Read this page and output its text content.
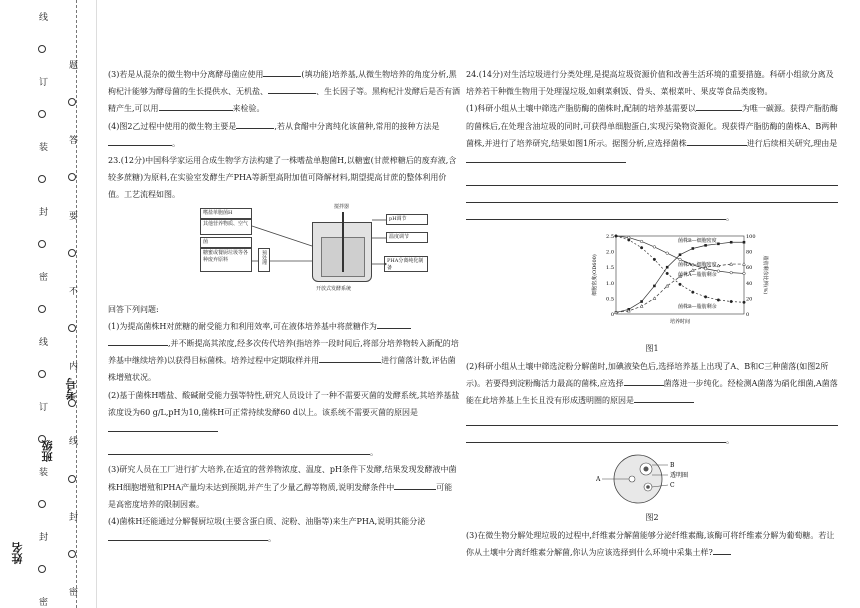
线
订
装
封
密
线
订
装
封
密
题
答
要
不
内
线
封
密
姓名
班级
考号

(3)若是从混杂的微生物中分离酵母菌应使用	(填功能)培养基,从微生物培养的角度分析,黑枸杞汁能够为酵母菌的生长提供水、无机盐、	、生长因子等。黑枸杞汁发酵后是否有酒精产生,可以用	来检验。

(4)图2乙过程中使用的微生物主要是	,若从食醋中分离纯化该菌种,常用的接种方法是。

23.(12分)中国科学家运用合成生物学方法构建了一株嗜盐单胞菌H,以糖蜜(甘蔗榨糖后的废弃液,含较多蔗糖)为原料,在实验室发酵生产PHA等新型高附加值可降解材料,期望提高甘蔗的整体利用价值。工艺流程如图。

嗜盐单胞菌H
其他营养物质、空气
菌
糖蜜或餐厨垃圾等各种废弃原料	预处理
搅拌器
pH调节
温度调节
PHA分离纯化制备
开放式发酵系统

回答下列问题:

(1)为提高菌株H对蔗糖的耐受能力和利用效率,可在液体培养基中将蔗糖作为,并不断提高其浓度,经多次传代培养(指培养一段时间后,将部分培养物转入新配的培养基中继续培养)以获得目标菌株。培养过程中定期取样并用	进行菌落计数,评估菌株增殖状况。

(2)基于菌株H嗜盐、酸碱耐受能力强等特性,研究人员设计了一种不需要灭菌的发酵系统,其培养基盐浓度设为60 g/L,pH为10,菌株H可正常持续发酵60 d以上。该系统不需要灭菌的原因是 。

(3)研究人员在工厂进行扩大培养,在适宜的营养物浓度、温度、pH条件下发酵,结果发现发酵液中菌株H细胞增殖和PHA产量均未达到预期,并产生了少量乙醇等物质,说明发酵条件中	可能是高密度培养的限制因素。

(4)菌株H还能通过分解餐厨垃圾(主要含蛋白质、淀粉、油脂等)来生产PHA,说明其能分泌。

24.(14分)对生活垃圾进行分类处理,是提高垃圾资源价值和改善生活环境的重要措施。科研小组欲分离及培养若干种微生物用于处理湿垃圾,如剩菜剩饭、骨头、菜根菜叶、果皮等食品类废物。

(1)科研小组从土壤中筛选产脂肪酶的菌株时,配制的培养基需要以	为唯一碳源。获得产脂肪酶的菌株后,在处理含油垃圾的同时,可获得单细胞蛋白,实现污染物资源化。现获得产脂肪酶的菌株A、B两种菌株,并进行了培养研究,结果如图1所示。据图分析,应选择菌株	进行后续相关研究,理由是
。

0
0.5
1.0
1.5
2.0
2.5
0
20
40
60
80
100
培养时间
细胞密度(OD600)	脂肪剩余比例(%)
菌株B—细胞密度
菌株A—细胞密度
菌株A—脂肪剩余
菌株B—脂肪剩余
图1

(2)科研小组从土壤中筛选淀粉分解菌时,加碘液染色后,选择培养基上出现了A、B和C三种菌落(如图2所示)。若要得到淀粉酶活力最高的菌株,应选择	菌落进一步纯化。经检测A菌落为硝化细菌,A菌落能在此培养基上生长且没有形成透明圈的原因是
。

A
B
透明圈
C
图2

(3)在微生物分解处理垃圾的过程中,纤维素分解菌能够分泌纤维素酶,该酶可将纤维素分解为葡萄糖。若让你从土壤中分离纤维素分解菌,你认为应该选择到什么环境中采集土样?
